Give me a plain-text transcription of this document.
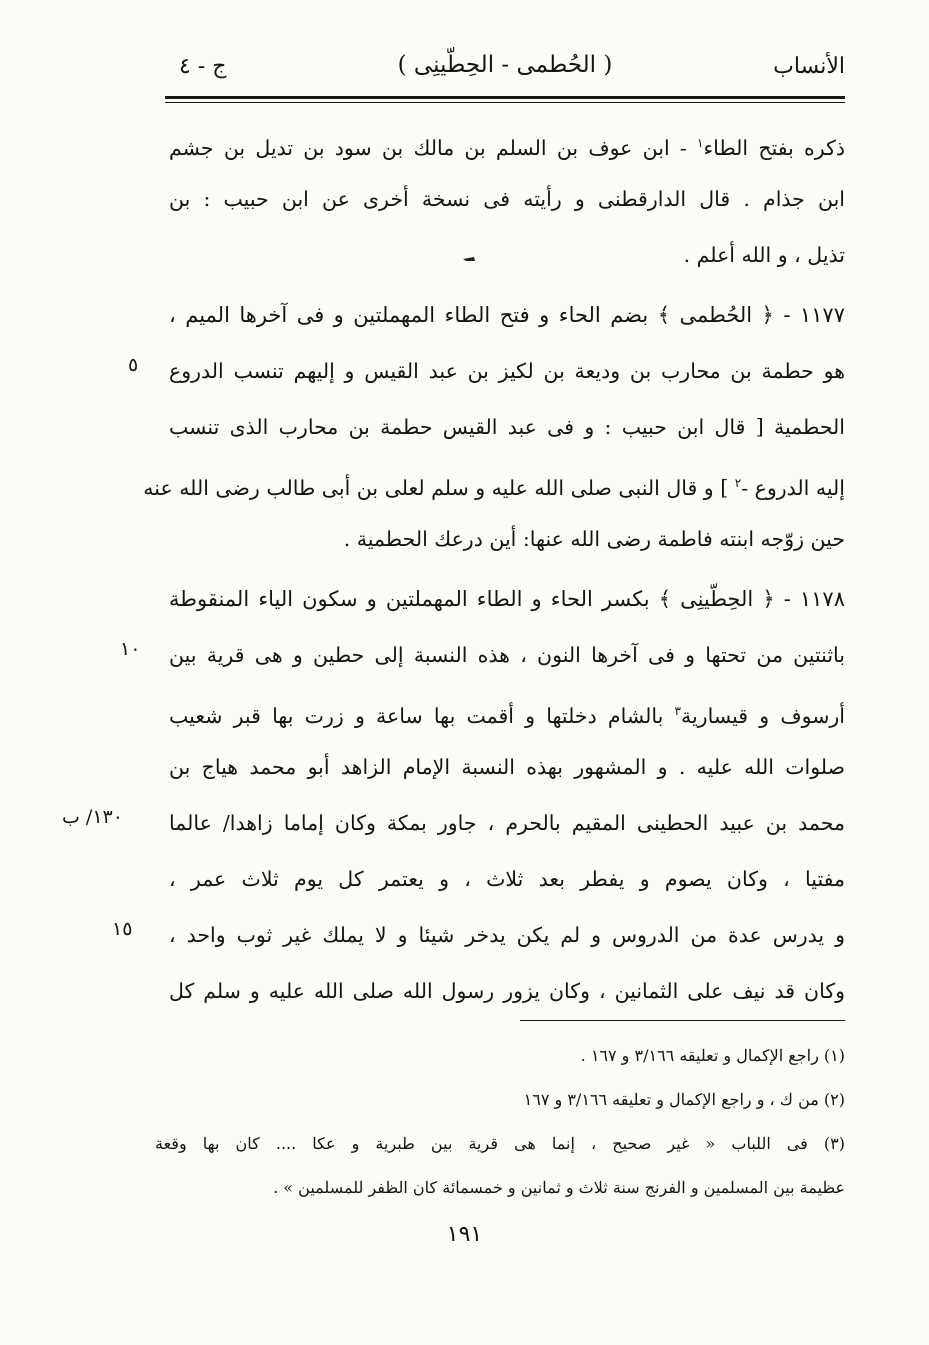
الأنساب
( الحُطمى - الحِطّينِى )
ج - ٤
ذكره بفتح الطاء$^١$ - ابن عوف بن السلم بن مالك بن سود بن تديل بن جشم
ابن جذام . قال الدارقطنى و رأيته فى نسخة أخرى عن ابن حبيب : بن
تذيل ، و الله أعلم .
١١٧٧ - ﴿ الحُطمى ﴾ بضم الحاء و فتح الطاء المهملتين و فى آخرها الميم ،
هو حطمة بن محارب بن وديعة بن لكيز بن عبد القيس و إليهم تنسب الدروع
الحطمية [ قال ابن حبيب : و فى عبد القيس حطمة بن محارب الذى تنسب
إليه الدروع -$^٢$ ] و قال النبى صلى الله عليه و سلم لعلى بن أبى طالب رضى الله عنه
حين زوّجه ابنته فاطمة رضى الله عنها: أين درعك الحطمية .
١١٧٨ - ﴿ الحِطّينِى ﴾ بكسر الحاء و الطاء المهملتين و سكون الياء المنقوطة
باثنتين من تحتها و فى آخرها النون ، هذه النسبة إلى حطين و هى قرية بين
أرسوف و قيسارية$^٣$ بالشام دخلتها و أقمت بها ساعة و زرت بها قبر شعيب
صلوات الله عليه . و المشهور بهذه النسبة الإمام الزاهد أبو محمد هياج بن
محمد بن عبيد الحطينى المقيم بالحرم ، جاور بمكة وكان إماما زاهدا/ عالما
مفتيا ، وكان يصوم و يفطر بعد ثلاث ، و يعتمر كل يوم ثلاث عمر ،
و يدرس عدة من الدروس و لم يكن يدخر شيئا و لا يملك غير ثوب واحد ،
وكان قد نيف على الثمانين ، وكان يزور رسول الله صلى الله عليه و سلم كل
٥
١٠
١٣٠/ ب
١٥
(١) راجع الإكمال و تعليقه ٣/١٦٦ و ١٦٧ .
(٢) من ك ، و راجع الإكمال و تعليقه ٣/١٦٦ و ١٦٧
(٣) فى اللباب « غير صحيح ، إنما هى قرية بين طبرية و عكا .... كان بها وقعة
عظيمة بين المسلمين و الفرنج سنة ثلاث و ثمانين و خمسمائة كان الظفر للمسلمين » .
١٩١
